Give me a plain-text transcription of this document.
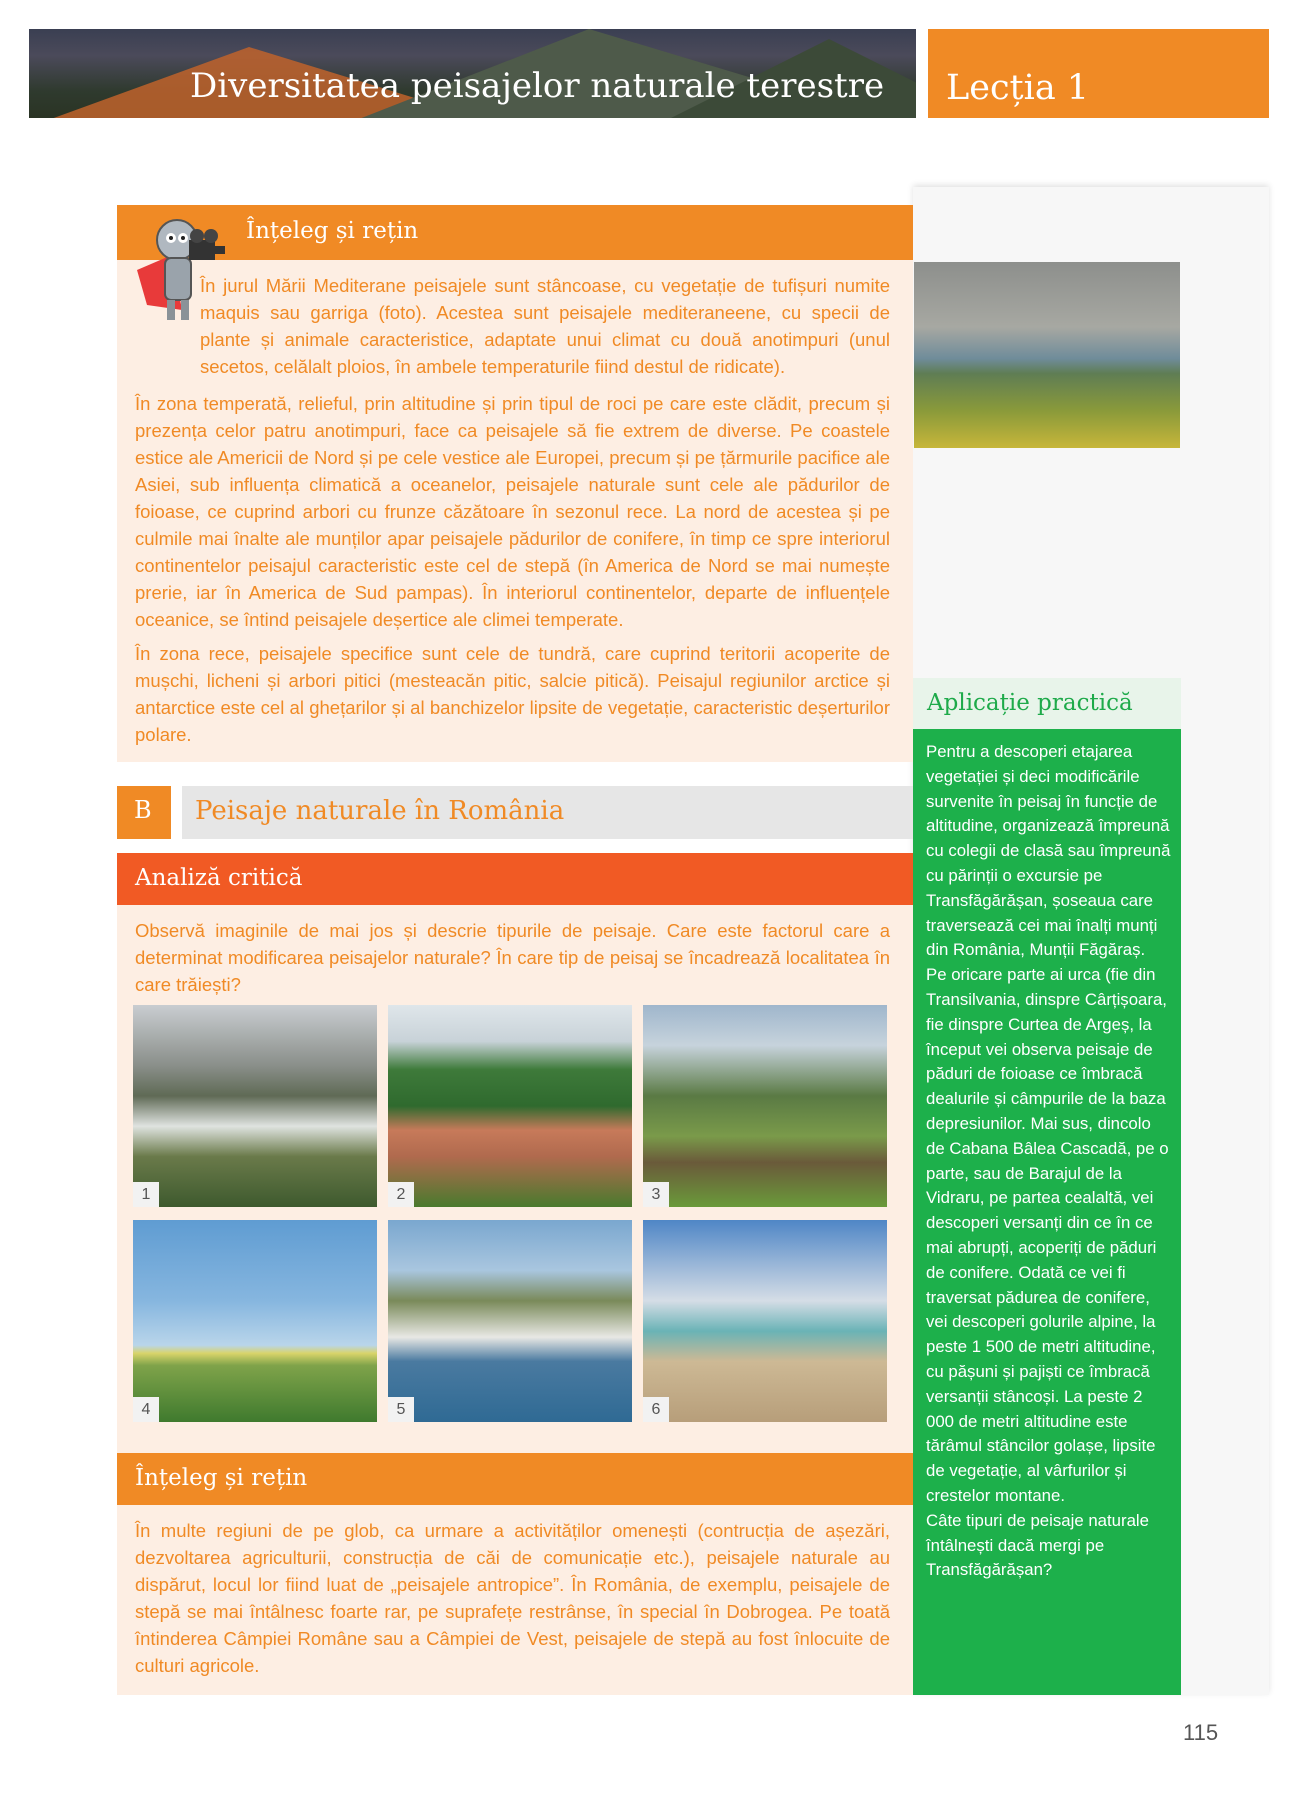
Diversitatea peisajelor naturale terestre Lecția 1
Înțeleg și rețin
În jurul Mării Mediterane peisajele sunt stâncoase, cu vegetație de tufișuri numite maquis sau garriga (foto). Acestea sunt peisajele mediteraneene, cu specii de plante și animale caracteristice, adaptate unui climat cu două anotimpuri (unul secetos, celălalt ploios, în ambele temperaturile fiind destul de ridicate).
În zona temperată, relieful, prin altitudine și prin tipul de roci pe care este clădit, precum și prezența celor patru anotimpuri, face ca peisajele să fie extrem de diverse. Pe coastele estice ale Americii de Nord și pe cele vestice ale Europei, precum și pe țărmurile pacifice ale Asiei, sub influența climatică a oceanelor, peisajele naturale sunt cele ale pădurilor de foioase, ce cuprind arbori cu frunze căzătoare în sezonul rece. La nord de acestea și pe culmile mai înalte ale munților apar peisajele pădurilor de conifere, în timp ce spre interiorul continentelor peisajul caracteristic este cel de stepă (în America de Nord se mai numește prerie, iar în America de Sud pampas). În interiorul continentelor, departe de influențele oceanice, se întind peisajele deșertice ale climei temperate.
În zona rece, peisajele specifice sunt cele de tundră, care cuprind teritorii acoperite de mușchi, licheni și arbori pitici (mesteacăn pitic, salcie pitică). Peisajul regiunilor arctice și antarctice este cel al ghețarilor și al banchizelor lipsite de vegetație, caracteristic deșerturilor polare.
Aplicație practică
Pentru a descoperi etajarea vegetației și deci modificările survenite în peisaj în funcție de altitudine, organizează împreună cu colegii de clasă sau împreună cu părinții o excursie pe Transfăgărășan, șoseaua care traversează cei mai înalți munți din România, Munții Făgăraș.
Pe oricare parte ai urca (fie din Transilvania, dinspre Cârțișoara, fie dinspre Curtea de Argeș, la început vei observa peisaje de păduri de foioase ce îmbracă dealurile și câmpurile de la baza depresiunilor. Mai sus, dincolo de Cabana Bâlea Cascadă, pe o parte, sau de Barajul de la Vidraru, pe partea cealaltă, vei descoperi versanți din ce în ce mai abrupți, acoperiți de păduri de conifere. Odată ce vei fi traversat pădurea de conifere, vei descoperi golurile alpine, la peste 1 500 de metri altitudine, cu pășuni și pajiști ce îmbracă versanții stâncoși. La peste 2 000 de metri altitudine este tărâmul stâncilor golașe, lipsite de vegetație, al vârfurilor și crestelor montane.
Câte tipuri de peisaje naturale întâlnești dacă mergi pe Transfăgărășan?
B Peisaje naturale în România
Analiză critică
Observă imaginile de mai jos și descrie tipurile de peisaje. Care este factorul care a determinat modificarea peisajelor naturale? În care tip de peisaj se încadrează localitatea în care trăiești?
1	2	3
4	5	6
Înțeleg și rețin
În multe regiuni de pe glob, ca urmare a activităților omenești (contrucția de așezări, dezvoltarea agriculturii, construcția de căi de comunicație etc.), peisajele naturale au dispărut, locul lor fiind luat de „peisajele antropice”. În România, de exemplu, peisajele de stepă se mai întâlnesc foarte rar, pe suprafețe restrânse, în special în Dobrogea. Pe toată întinderea Câmpiei Române sau a Câmpiei de Vest, peisajele de stepă au fost înlocuite de culturi agricole.
115
